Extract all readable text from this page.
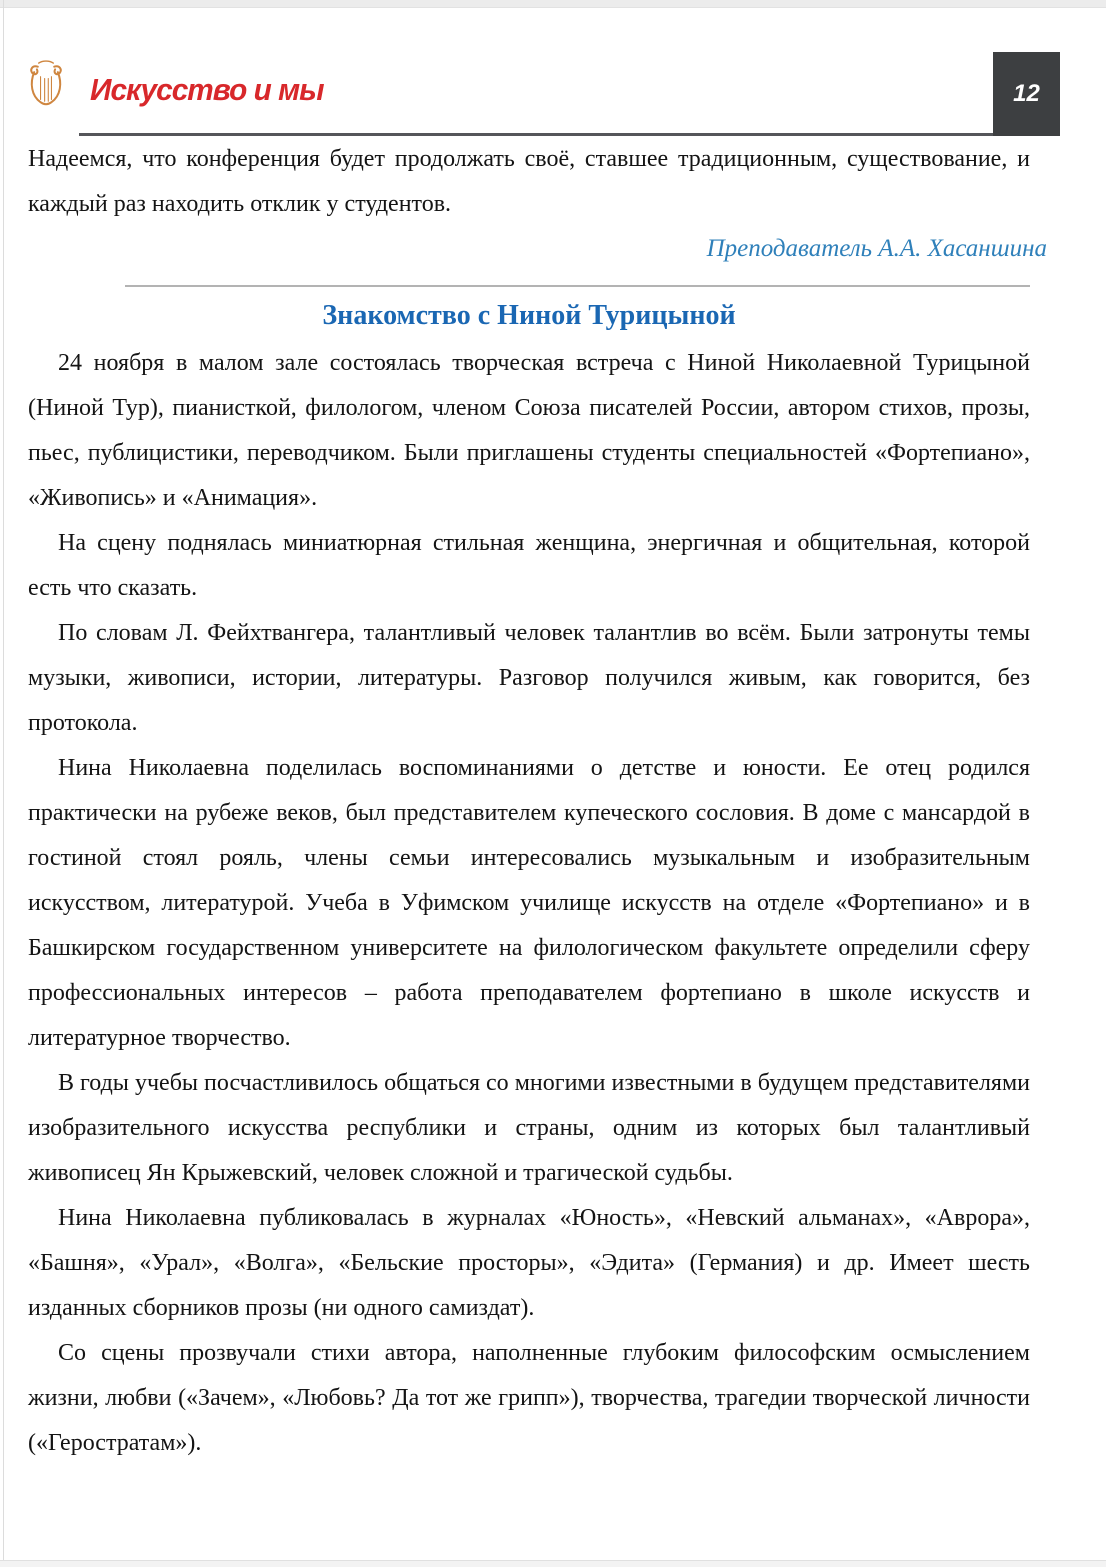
Искусство и мы	12

Надеемся, что конференция будет продолжать своё, ставшее традиционным, существование, и каждый раз находить отклик у студентов.

Преподаватель А.А. Хасаншина
Знакомство с Ниной Турицыной

24 ноября в малом зале состоялась творческая встреча с Ниной Николаевной Турицыной (Ниной Тур), пианисткой, филологом, членом Союза писателей России, автором стихов, прозы, пьес, публицистики, переводчиком. Были приглашены студенты специальностей «Фортепиано», «Живопись» и «Анимация».

На сцену поднялась миниатюрная стильная женщина, энергичная и общительная, которой есть что сказать.

По словам Л. Фейхтвангера, талантливый человек талантлив во всём. Были затронуты темы музыки, живописи, истории, литературы. Разговор получился живым, как говорится, без протокола.

Нина Николаевна поделилась воспоминаниями о детстве и юности. Ее отец родился практически на рубеже веков, был представителем купеческого сословия. В доме с мансардой в гостиной стоял рояль, члены семьи интересовались музыкальным и изобразительным искусством, литературой. Учеба в Уфимском училище искусств на отделе «Фортепиано» и в Башкирском государственном университете на филологическом факультете определили сферу профессиональных интересов – работа преподавателем фортепиано в школе искусств и литературное творчество.

В годы учебы посчастливилось общаться со многими известными в будущем представителями изобразительного искусства республики и страны, одним из которых был талантливый живописец Ян Крыжевский, человек сложной и трагической судьбы.

Нина Николаевна публиковалась в журналах «Юность», «Невский альманах», «Аврора», «Башня», «Урал», «Волга», «Бельские просторы», «Эдита» (Германия) и др. Имеет шесть изданных сборников прозы (ни одного самиздат).

Со сцены прозвучали стихи автора, наполненные глубоким философским осмыслением жизни, любви («Зачем», «Любовь? Да тот же грипп»), творчества, трагедии творческой личности («Геростратам»).
